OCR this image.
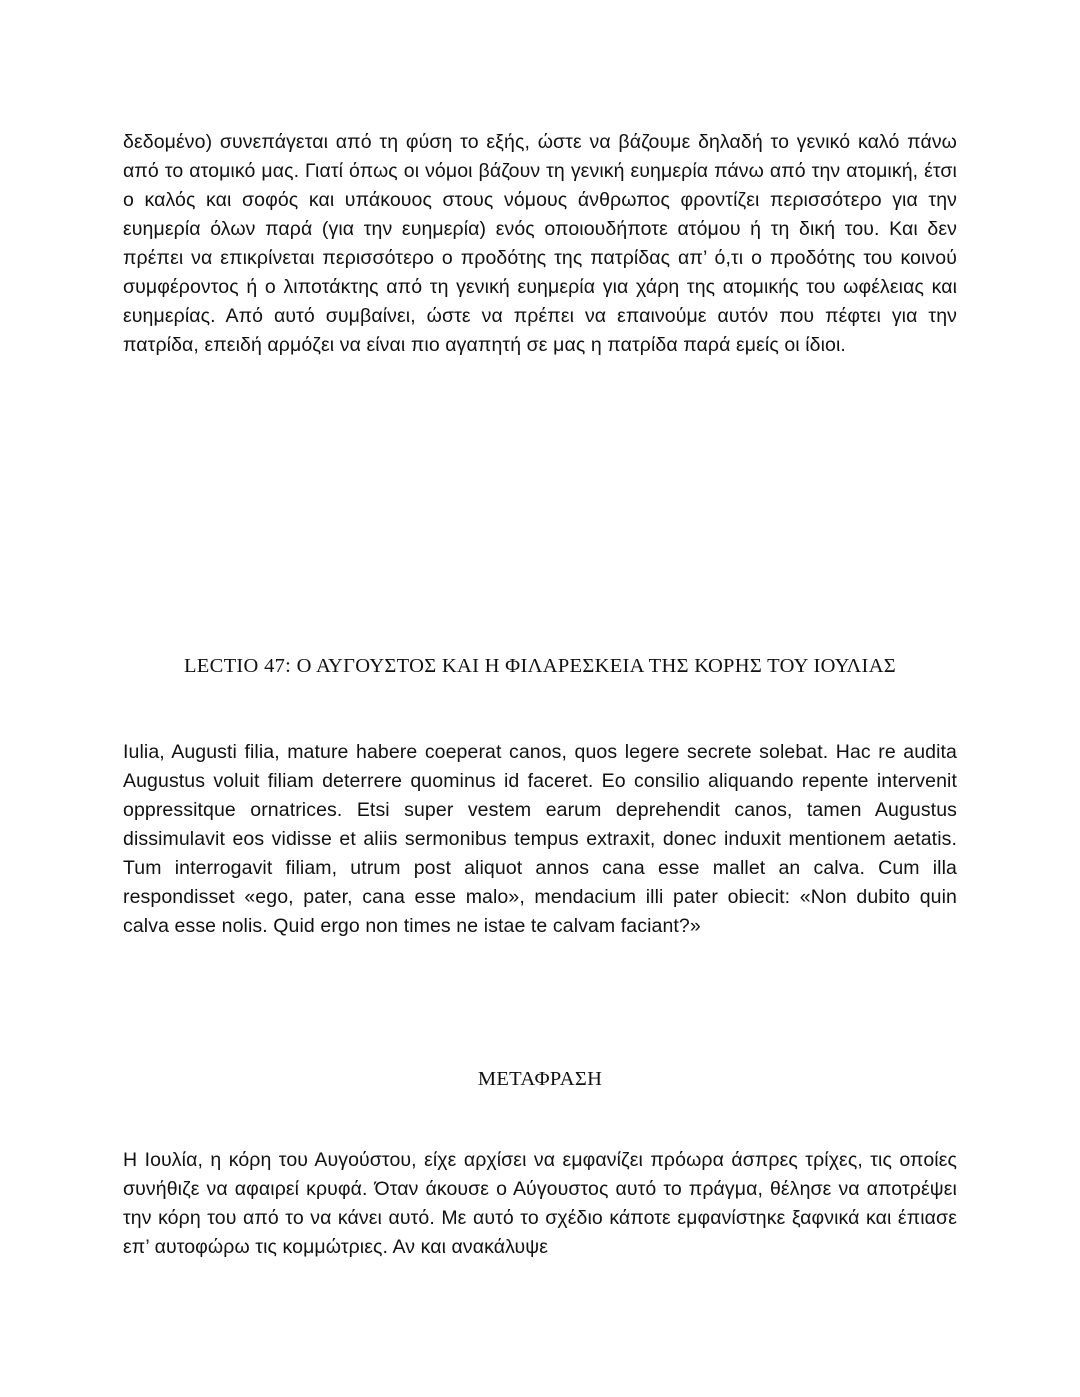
δεδομένο) συνεπάγεται από τη φύση το εξής, ώστε να βάζουμε δηλαδή το γενικό καλό πάνω από το ατομικό μας. Γιατί όπως οι νόμοι βάζουν τη γενική ευημερία πάνω από την ατομική, έτσι ο καλός και σοφός και υπάκουος στους νόμους άνθρωπος φροντίζει περισσότερο για την ευημερία όλων παρά (για την ευημερία) ενός οποιουδήποτε ατόμου ή τη δική του. Και δεν πρέπει να επικρίνεται περισσότερο ο προδότης της πατρίδας απ’ ό,τι ο προδότης του κοινού συμφέροντος ή ο λιποτάκτης από τη γενική ευημερία για χάρη της ατομικής του ωφέλειας και ευημερίας. Από αυτό συμβαίνει, ώστε να πρέπει να επαινούμε αυτόν που πέφτει για την πατρίδα, επειδή αρμόζει να είναι πιο αγαπητή σε μας η πατρίδα παρά εμείς οι ίδιοι.
LECTIO 47: Ο ΑΥΓΟΥΣΤΟΣ ΚΑΙ Η ΦΙΛΑΡΕΣΚΕΙΑ ΤΗΣ ΚΟΡΗΣ ΤΟΥ ΙΟΥΛΙΑΣ
Iulia, Augusti filia, mature habere coeperat canos, quos legere secrete solebat. Hac re audita Augustus voluit filiam deterrere quominus id faceret. Eo consilio aliquando repente intervenit oppressitque ornatrices. Etsi super vestem earum deprehendit canos, tamen Augustus dissimulavit eos vidisse et aliis sermonibus tempus extraxit, donec induxit mentionem aetatis. Tum interrogavit filiam, utrum post aliquot annos cana esse mallet an calva. Cum illa respondisset «ego, pater, cana esse malo», mendacium illi pater obiecit: «Non dubito quin calva esse nolis. Quid ergo non times ne istae te calvam faciant?»
ΜΕΤΑΦΡΑΣΗ
Η Ιουλία, η κόρη του Αυγούστου, είχε αρχίσει να εμφανίζει πρόωρα άσπρες τρίχες, τις οποίες συνήθιζε να αφαιρεί κρυφά. Όταν άκουσε ο Αύγουστος αυτό το πράγμα, θέλησε να αποτρέψει την κόρη του από το να κάνει αυτό. Με αυτό το σχέδιο κάποτε εμφανίστηκε ξαφνικά και έπιασε επ’ αυτοφώρω τις κομμώτριες. Αν και ανακάλυψε
